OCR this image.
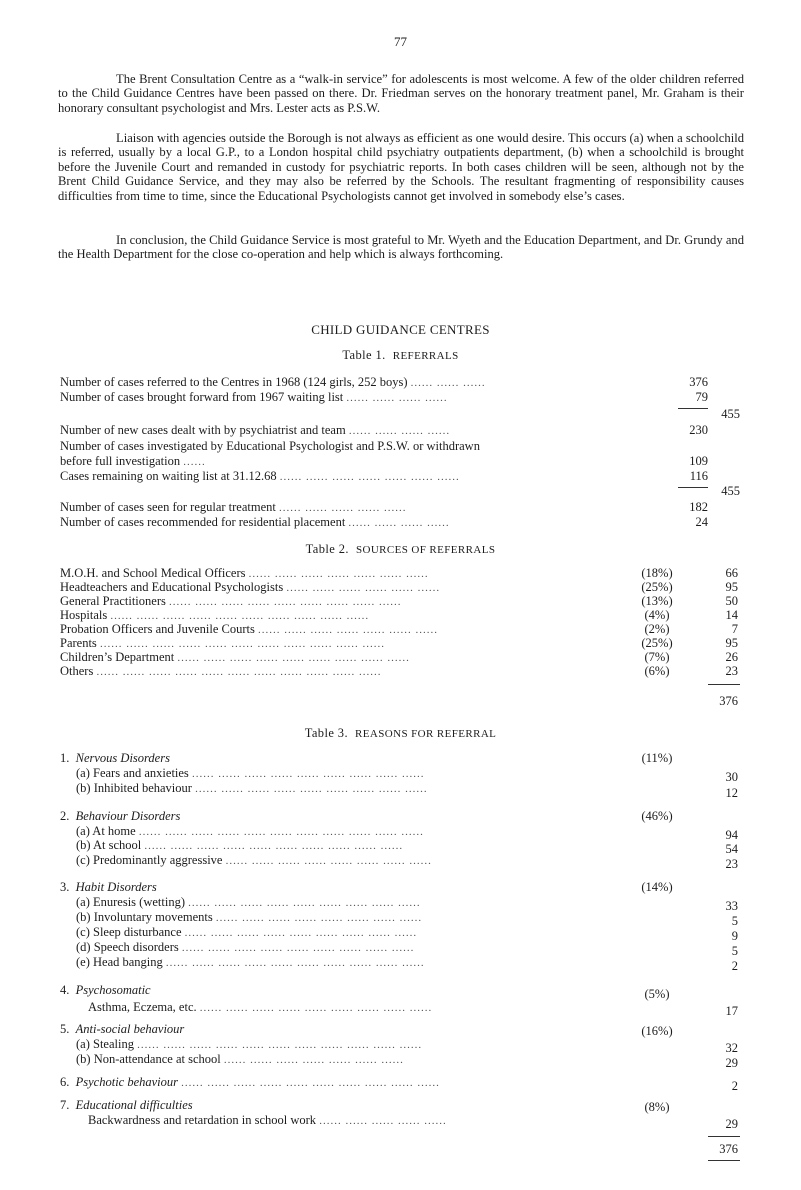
77

The Brent Consultation Centre as a “walk-in service” for adolescents is most welcome. A few of the older children referred to the Child Guidance Centres have been passed on there. Dr. Friedman serves on the honorary treatment panel, Mr. Graham is their honorary consultant psychologist and Mrs. Lester acts as P.S.W.

Liaison with agencies outside the Borough is not always as efficient as one would desire. This occurs (a) when a schoolchild is referred, usually by a local G.P., to a London hospital child psychiatry outpatients department, (b) when a schoolchild is brought before the Juvenile Court and remanded in custody for psychiatric reports. In both cases children will be seen, although not by the Brent Child Guidance Service, and they may also be referred by the Schools. The resultant fragmenting of responsibility causes difficulties from time to time, since the Educational Psychologists cannot get involved in somebody else’s cases.

In conclusion, the Child Guidance Service is most grateful to Mr. Wyeth and the Education Department, and Dr. Grundy and the Health Department for the close co-operation and help which is always forthcoming.

CHILD GUIDANCE CENTRES
Table 1. REFERRALS
Number of cases referred to the Centres in 1968 (124 girls, 252 boys) ...... ...... ......	376
Number of cases brought forward from 1967 waiting list ...... ...... ...... ......	79
455
Number of new cases dealt with by psychiatrist and team ...... ...... ...... ......	230
Number of cases investigated by Educational Psychologist and P.S.W. or withdrawn
before full investigation ......	109
Cases remaining on waiting list at 31.12.68 ...... ...... ...... ...... ...... ...... ......	116
455
Number of cases seen for regular treatment ...... ...... ...... ...... ......	182
Number of cases recommended for residential placement ...... ...... ...... ......	24
Table 2. SOURCES OF REFERRALS
M.O.H. and School Medical Officers ...... ...... ...... ...... ...... ...... ......	(18%)	66
Headteachers and Educational Psychologists ...... ...... ...... ...... ...... ......	(25%)	95
General Practitioners ...... ...... ...... ...... ...... ...... ...... ...... ......	(13%)	50
Hospitals ...... ...... ...... ...... ...... ...... ...... ...... ...... ......	(4%)	14
Probation Officers and Juvenile Courts ...... ...... ...... ...... ...... ...... ......	(2%)	7
Parents ...... ...... ...... ...... ...... ...... ...... ...... ...... ...... ......	(25%)	95
Children’s Department ...... ...... ...... ...... ...... ...... ...... ...... ......	(7%)	26
Others ...... ...... ...... ...... ...... ...... ...... ...... ...... ...... ......	(6%)	23
376
Table 3. REASONS FOR REFERRAL
1. Nervous Disorders	(11%)
(a) Fears and anxieties ...... ...... ...... ...... ...... ...... ...... ...... ......	30
(b) Inhibited behaviour ...... ...... ...... ...... ...... ...... ...... ...... ......	12
2. Behaviour Disorders	(46%)
(a) At home ...... ...... ...... ...... ...... ...... ...... ...... ...... ...... ......	94
(b) At school ...... ...... ...... ...... ...... ...... ...... ...... ...... ......	54
(c) Predominantly aggressive ...... ...... ...... ...... ...... ...... ...... ......	23
3. Habit Disorders	(14%)
(a) Enuresis (wetting) ...... ...... ...... ...... ...... ...... ...... ...... ......	33
(b) Involuntary movements ...... ...... ...... ...... ...... ...... ...... ......	5
(c) Sleep disturbance ...... ...... ...... ...... ...... ...... ...... ...... ......	9
(d) Speech disorders ...... ...... ...... ...... ...... ...... ...... ...... ......	5
(e) Head banging ...... ...... ...... ...... ...... ...... ...... ...... ...... ......	2
4. Psychosomatic	(5%)
Asthma, Eczema, etc. ...... ...... ...... ...... ...... ...... ...... ...... ......	17
5. Anti-social behaviour	(16%)
(a) Stealing ...... ...... ...... ...... ...... ...... ...... ...... ...... ...... ......	32
(b) Non-attendance at school ...... ...... ...... ...... ...... ...... ......	29
6. Psychotic behaviour ...... ...... ...... ...... ...... ...... ...... ...... ...... ......	2
7. Educational difficulties	(8%)
Backwardness and retardation in school work ...... ...... ...... ...... ......	29
376
